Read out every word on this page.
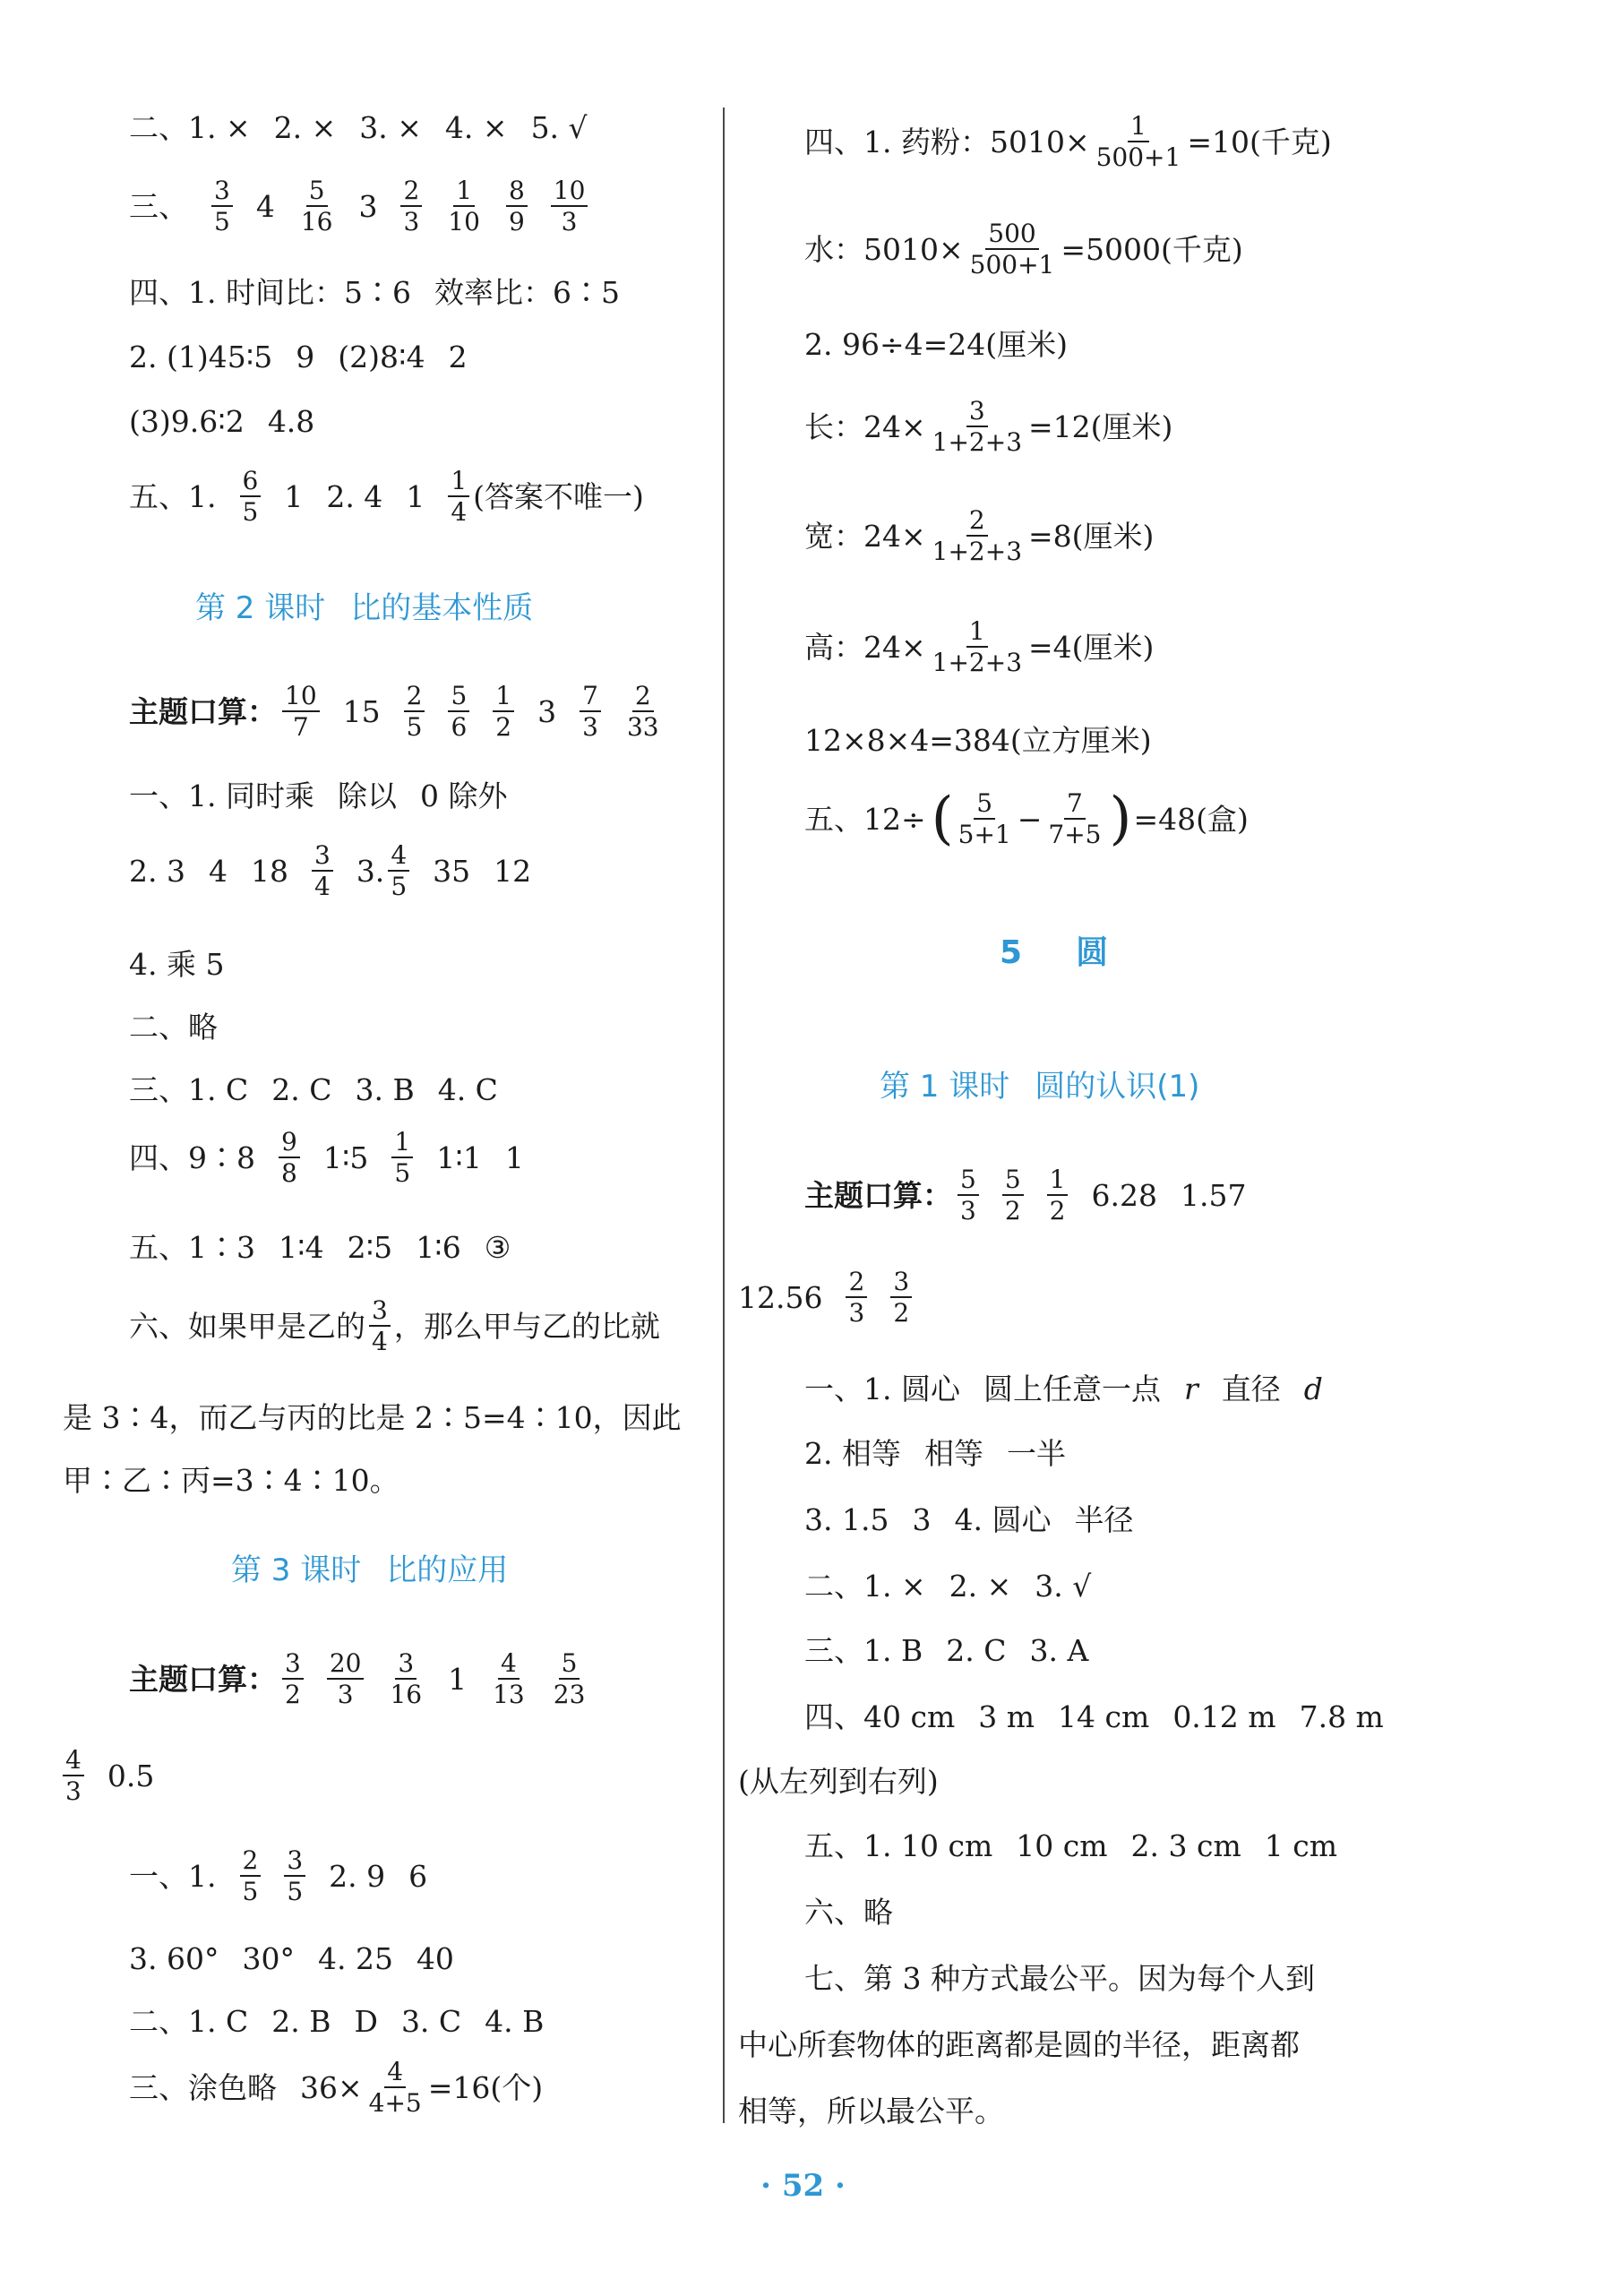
二、1. × 2. × 3. × 4. × 5. √
三、 $\frac{3}{5} 4 \frac{5}{16} 3 \frac{2}{3} \frac{1}{10} \frac{8}{9} \frac{10}{3}$
四、1. 时间比：5∶6 效率比：6∶5
2. (1)45∶5 9 (2)8∶4 2
(3)9.6∶2 4.8
五、1. $\frac{6}{5} 1$ 2. 4 $1 \frac{1}{4}$ (答案不唯一)
第 2 课时 比的基本性质
主题口算： $\frac{10}{7} 15 \frac{2}{5} \frac{5}{6} \frac{1}{2} 3 \frac{7}{3} \frac{2}{33}$
一、1. 同时乘 除以 0 除外
2. 3 4 $18 \frac{3}{4} 3$. $\frac{4}{5} 35$ 12
4. 乘 5
二、略
三、1. C 2. C 3. B 4. C
四、9∶8 $\frac{9}{8}$ 1∶5 $\frac{1}{5}$ 1∶1 1
五、1∶3 1∶4 2∶5 1∶6 ③
六、如果甲是乙的 $\frac{3}{4}$ ，那么甲与乙的比就
是 3∶4，而乙与丙的比是 2∶5=4∶10，因此
甲∶乙∶丙=3∶4∶10。
第 3 课时 比的应用
主题口算： $\frac{3}{2} \frac{20}{3} \frac{3}{16} 1 \frac{4}{13} \frac{5}{23}$
$\frac{4}{3} 0.5$
一、1. $\frac{2}{5} \frac{3}{5} 2$. 9 6
3. 60° 30° 4. 25 40
二、1. C 2. B D 3. C 4. B
三、涂色略 $36\times \frac{4}{4+5} =16$(个)
四、1. 药粉：$5010\times \frac{1}{500+1} =10$(千克)
水：$5010\times \frac{500}{500+1} =5000$(千克)
2. 96÷4=24(厘米)
长：$24\times \frac{3}{1+2+3} =12$(厘米)
宽：$24\times \frac{2}{1+2+3} =8$(厘米)
高：$24\times \frac{1}{1+2+3} =4$(厘米)
12×8×4=384(立方厘米)
五、12÷ ( $\frac{5}{5+1} - \frac{7}{7+5}$ ) =48(盒)
5 圆
第 1 课时 圆的认识(1)
主题口算： $\frac{5}{3} \frac{5}{2} \frac{1}{2} 6.28$ 1.57
$12.56 \frac{2}{3} \frac{3}{2}$
一、1. 圆心 圆上任意一点 r 直径 d
2. 相等 相等 一半
3. 1.5 3 4. 圆心 半径
二、1. × 2. × 3. √
三、1. B 2. C 3. A
四、40 cm 3 m 14 cm 0.12 m 7.8 m
(从左列到右列)
五、1. 10 cm 10 cm 2. 3 cm 1 cm
六、略
七、第 3 种方式最公平。因为每个人到
中心所套物体的距离都是圆的半径，距离都
相等，所以最公平。
· 52 ·
